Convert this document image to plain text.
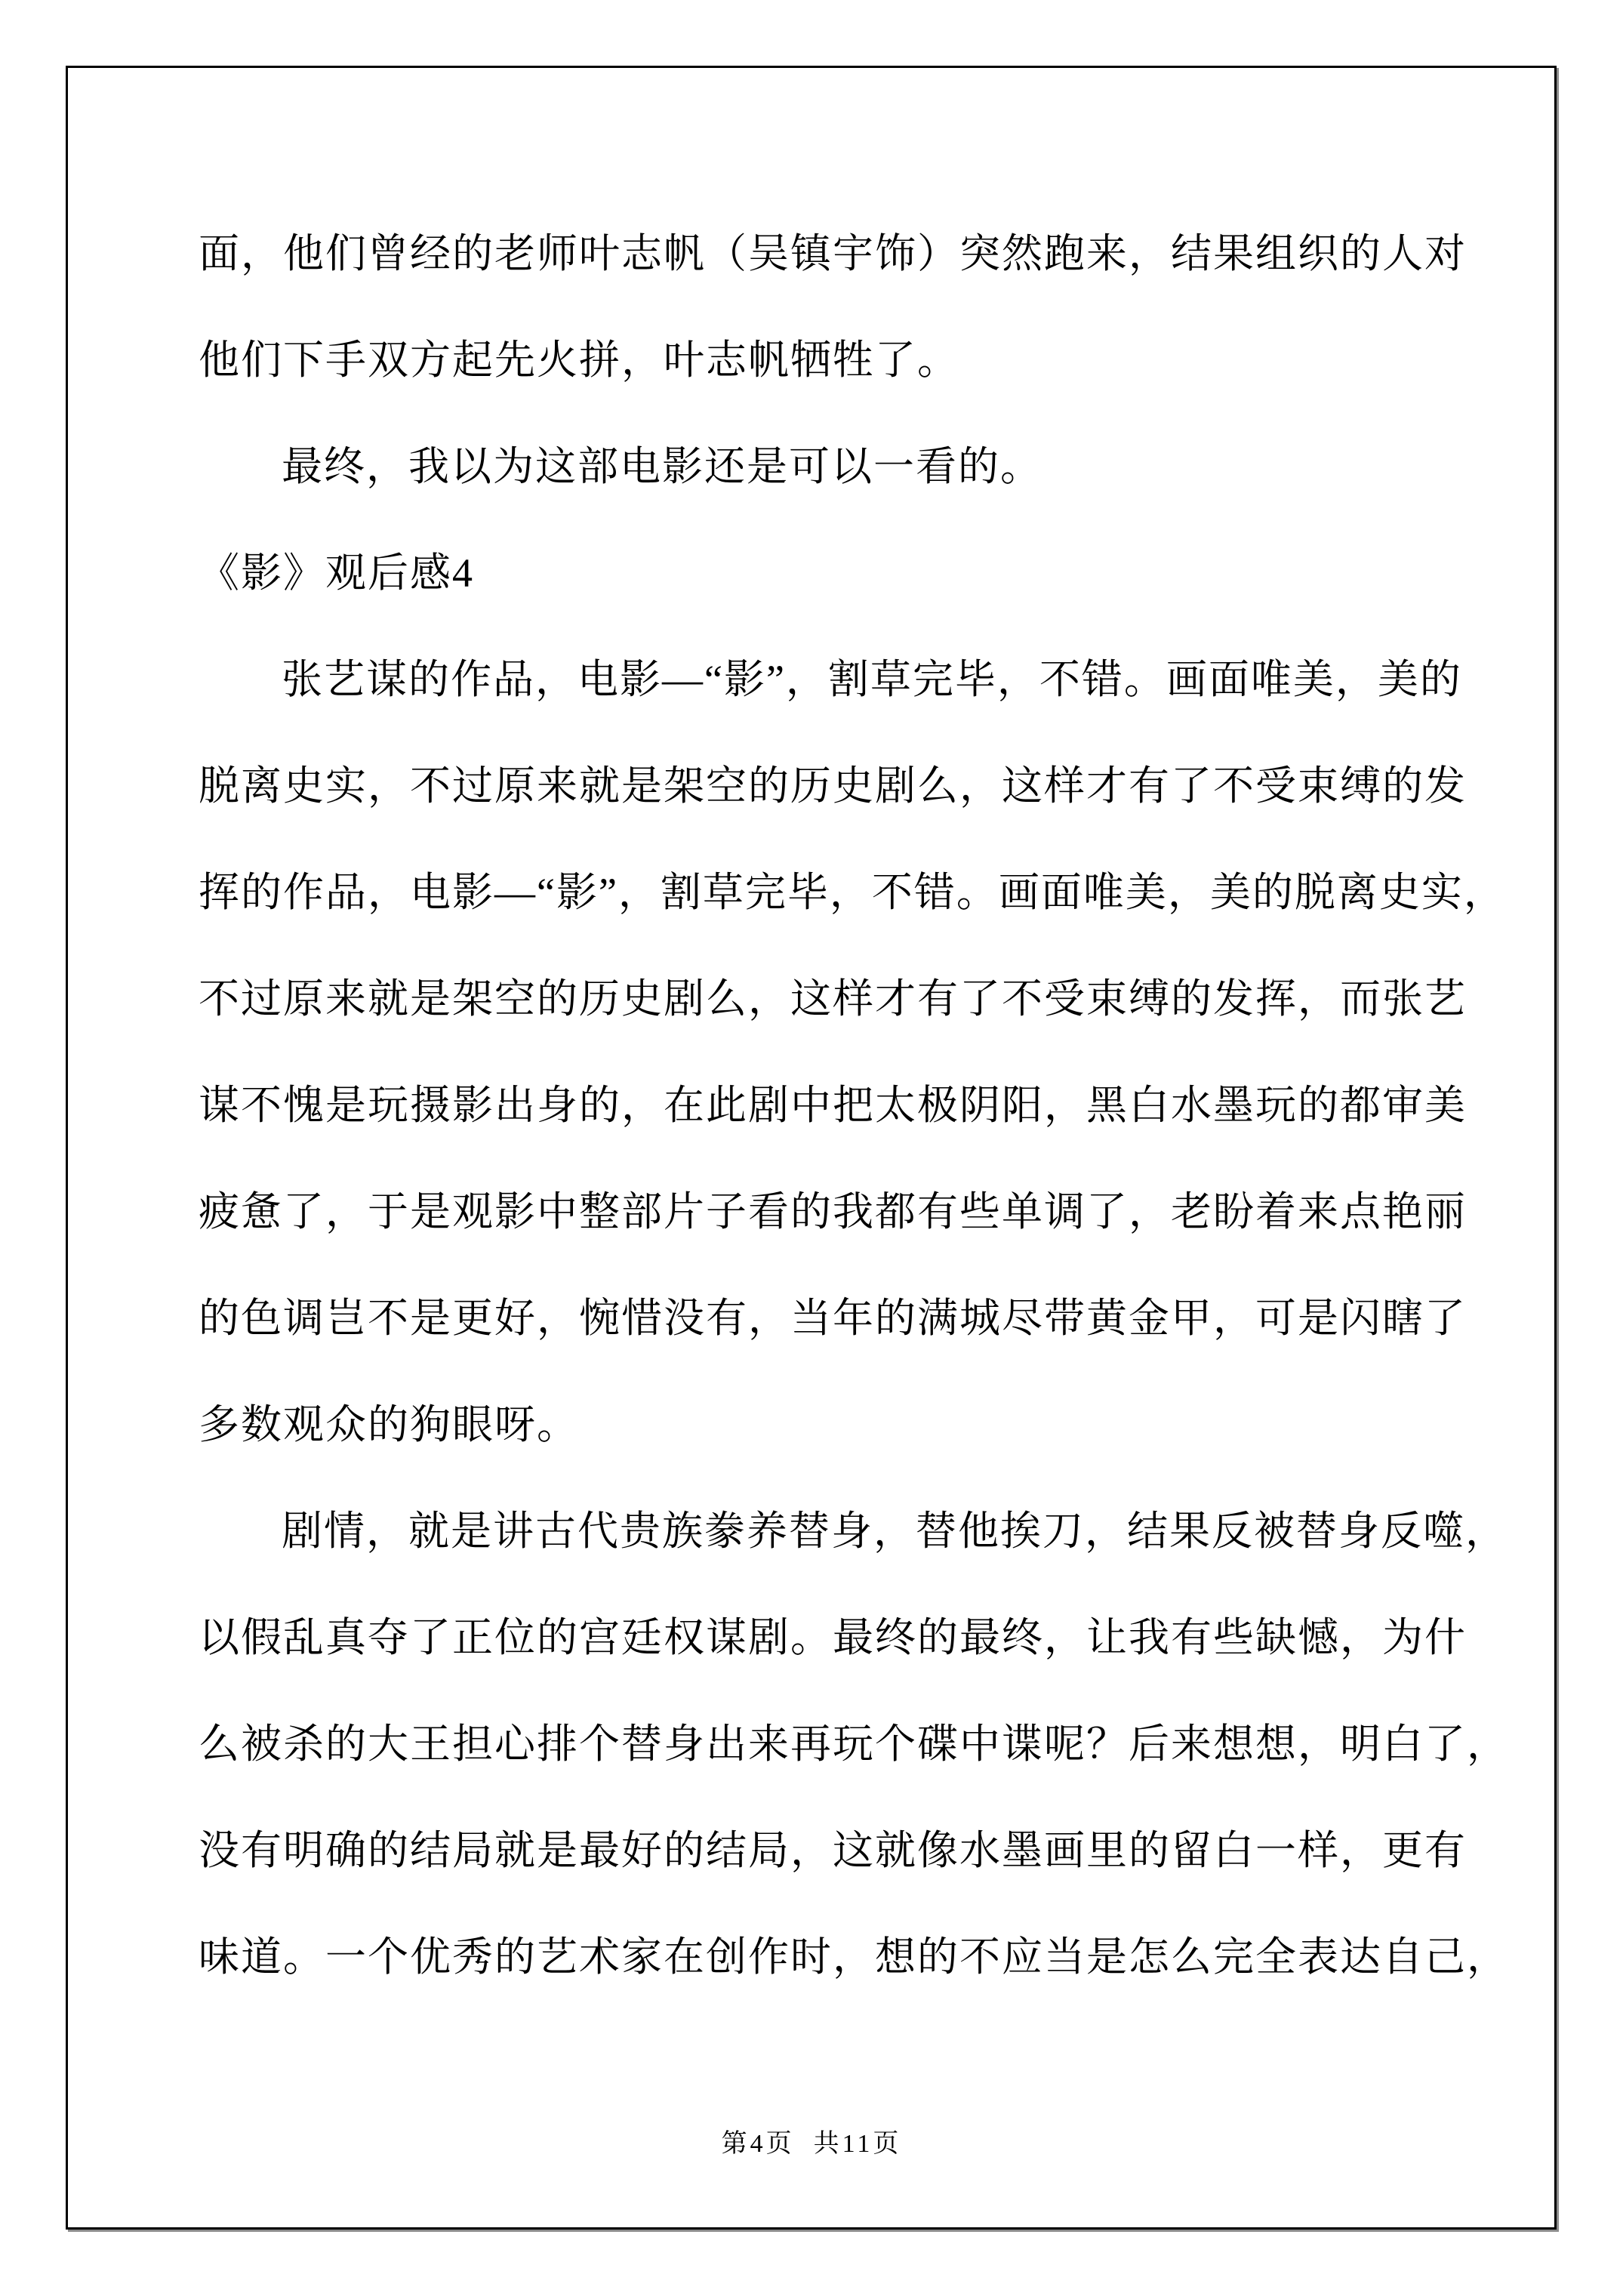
面，他们曾经的老师叶志帆（吴镇宇饰）突然跑来，结果组织的人对
他们下手双方起先火拼，叶志帆牺牲了。
最终，我以为这部电影还是可以一看的。
《影》观后感4
张艺谋的作品，电影—“影”，割草完毕，不错。画面唯美，美的
脱离史实，不过原来就是架空的历史剧么，这样才有了不受束缚的发
挥的作品，电影—“影”，割草完毕，不错。画面唯美，美的脱离史实，
不过原来就是架空的历史剧么，这样才有了不受束缚的发挥，而张艺
谋不愧是玩摄影出身的，在此剧中把太极阴阳，黑白水墨玩的都审美
疲惫了，于是观影中整部片子看的我都有些单调了，老盼着来点艳丽
的色调岂不是更好，惋惜没有，当年的满城尽带黄金甲，可是闪瞎了
多数观众的狗眼呀。
剧情，就是讲古代贵族豢养替身，替他挨刀，结果反被替身反噬，
以假乱真夺了正位的宫廷权谋剧。最终的最终，让我有些缺憾，为什
么被杀的大王担心排个替身出来再玩个碟中谍呢？后来想想，明白了，
没有明确的结局就是最好的结局，这就像水墨画里的留白一样，更有
味道。一个优秀的艺术家在创作时，想的不应当是怎么完全表达自己，
第4页  共11页
